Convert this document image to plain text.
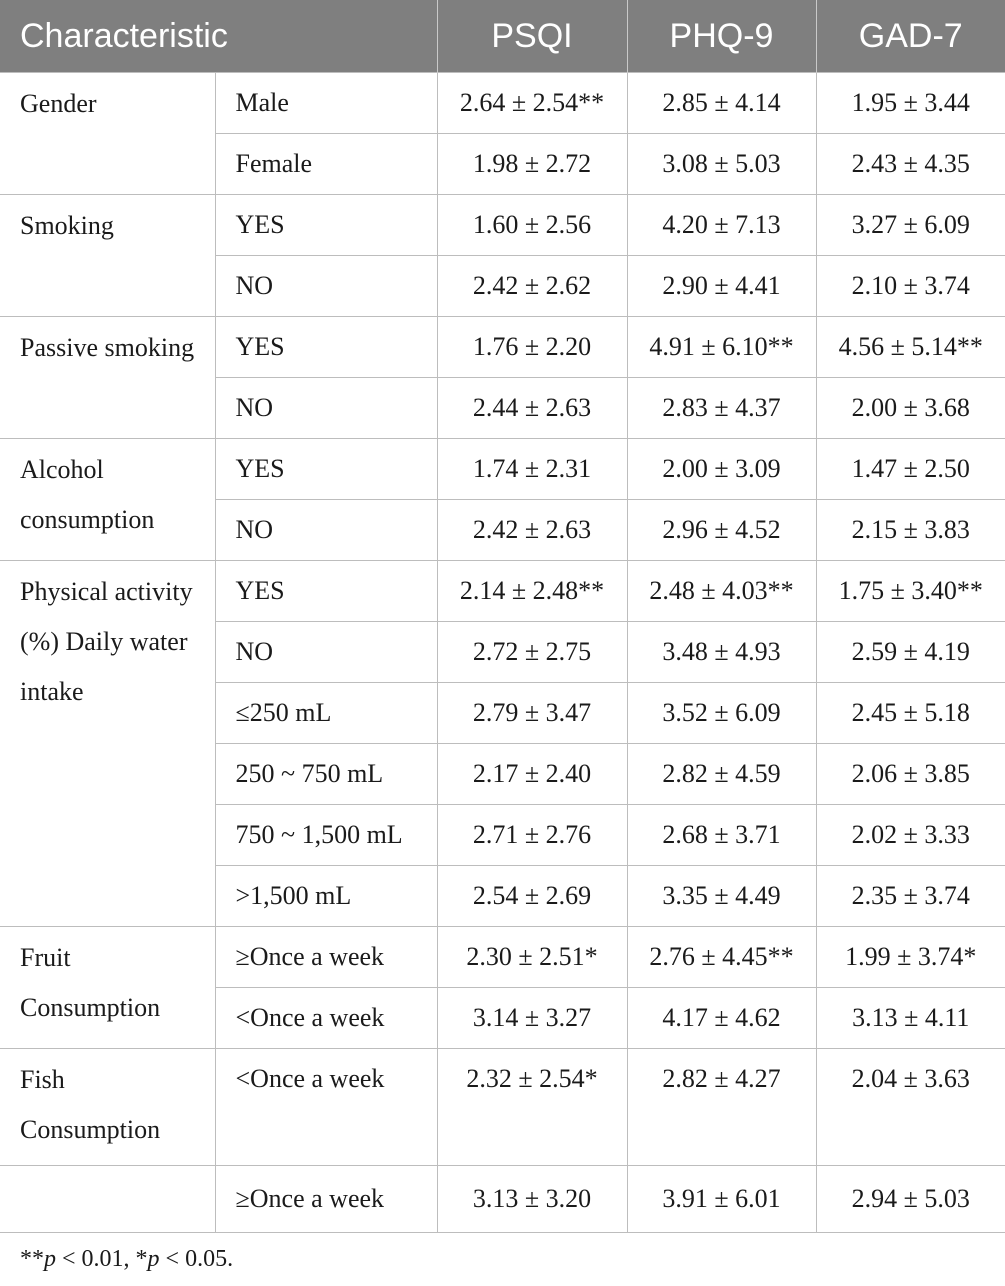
Characteristic		PSQI	PHQ-9	GAD-7
Gender	Male	2.64 ± 2.54**	2.85 ± 4.14	1.95 ± 3.44
	Female	1.98 ± 2.72	3.08 ± 5.03	2.43 ± 4.35
Smoking	YES	1.60 ± 2.56	4.20 ± 7.13	3.27 ± 6.09
	NO	2.42 ± 2.62	2.90 ± 4.41	2.10 ± 3.74
Passive smoking	YES	1.76 ± 2.20	4.91 ± 6.10**	4.56 ± 5.14**
	NO	2.44 ± 2.63	2.83 ± 4.37	2.00 ± 3.68
Alcohol consumption	YES	1.74 ± 2.31	2.00 ± 3.09	1.47 ± 2.50
	NO	2.42 ± 2.63	2.96 ± 4.52	2.15 ± 3.83
Physical activity (%) Daily water intake	YES	2.14 ± 2.48**	2.48 ± 4.03**	1.75 ± 3.40**
	NO	2.72 ± 2.75	3.48 ± 4.93	2.59 ± 4.19
	≤250 mL	2.79 ± 3.47	3.52 ± 6.09	2.45 ± 5.18
	250 ~ 750 mL	2.17 ± 2.40	2.82 ± 4.59	2.06 ± 3.85
	750 ~ 1,500 mL	2.71 ± 2.76	2.68 ± 3.71	2.02 ± 3.33
	>1,500 mL	2.54 ± 2.69	3.35 ± 4.49	2.35 ± 3.74
Fruit Consumption	≥Once a week	2.30 ± 2.51*	2.76 ± 4.45**	1.99 ± 3.74*
	<Once a week	3.14 ± 3.27	4.17 ± 4.62	3.13 ± 4.11
Fish Consumption	<Once a week	2.32 ± 2.54*	2.82 ± 4.27	2.04 ± 3.63
	≥Once a week	3.13 ± 3.20	3.91 ± 6.01	2.94 ± 5.03
**p < 0.01, *p < 0.05.
